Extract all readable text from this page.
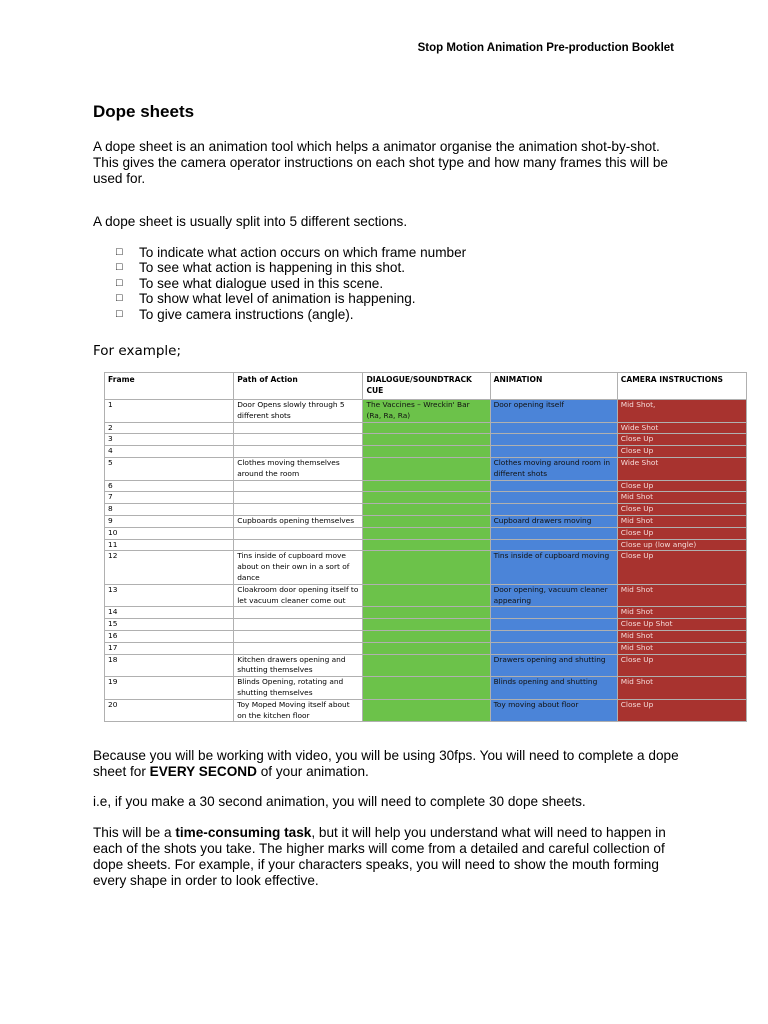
Stop Motion Animation Pre-production Booklet
Dope sheets

A dope sheet is an animation tool which helps a animator organise the animation shot-by-shot.
This gives the camera operator instructions on each shot type and how many frames this will be used for.

A dope sheet is usually split into 5 different sections.

□	To indicate what action occurs on which frame number
□	To see what action is happening in this shot.
□	To see what dialogue used in this scene.
□	To show what level of animation is happening.
□	To give camera instructions (angle).
For example;
Frame	Path of Action	DIALOGUE/SOUNDTRACK CUE	ANIMATION	CAMERA INSTRUCTIONS
1	Door Opens slowly through 5 different shots	The Vaccines – Wreckin' Bar (Ra, Ra, Ra)	Door opening itself	Mid Shot,
2				Wide Shot
3				Close Up
4				Close Up
5	Clothes moving themselves around the room		Clothes moving around room in different shots	Wide Shot
6				Close Up
7				Mid Shot
8				Close Up
9	Cupboards opening themselves		Cupboard drawers moving	Mid Shot
10				Close Up
11				Close up (low angle)
12	Tins inside of cupboard move about on their own in a sort of dance		Tins inside of cupboard moving	Close Up
13	Cloakroom door opening itself to let vacuum cleaner come out		Door opening, vacuum cleaner appearing	Mid Shot
14				Mid Shot
15				Close Up Shot
16				Mid Shot
17				Mid Shot
18	Kitchen drawers opening and shutting themselves		Drawers opening and shutting	Close Up
19	Blinds Opening, rotating and shutting themselves		Blinds opening and shutting	Mid Shot
20	Toy Moped Moving itself about on the kitchen floor		Toy moving about floor	Close Up

Because you will be working with video, you will be using 30fps. You will need to complete a dope sheet for EVERY SECOND of your animation.

i.e, if you make a 30 second animation, you will need to complete 30 dope sheets.

This will be a time-consuming task, but it will help you understand what will need to happen in each of the shots you take. The higher marks will come from a detailed and careful collection of dope sheets. For example, if your characters speaks, you will need to show the mouth forming every shape in order to look effective.
